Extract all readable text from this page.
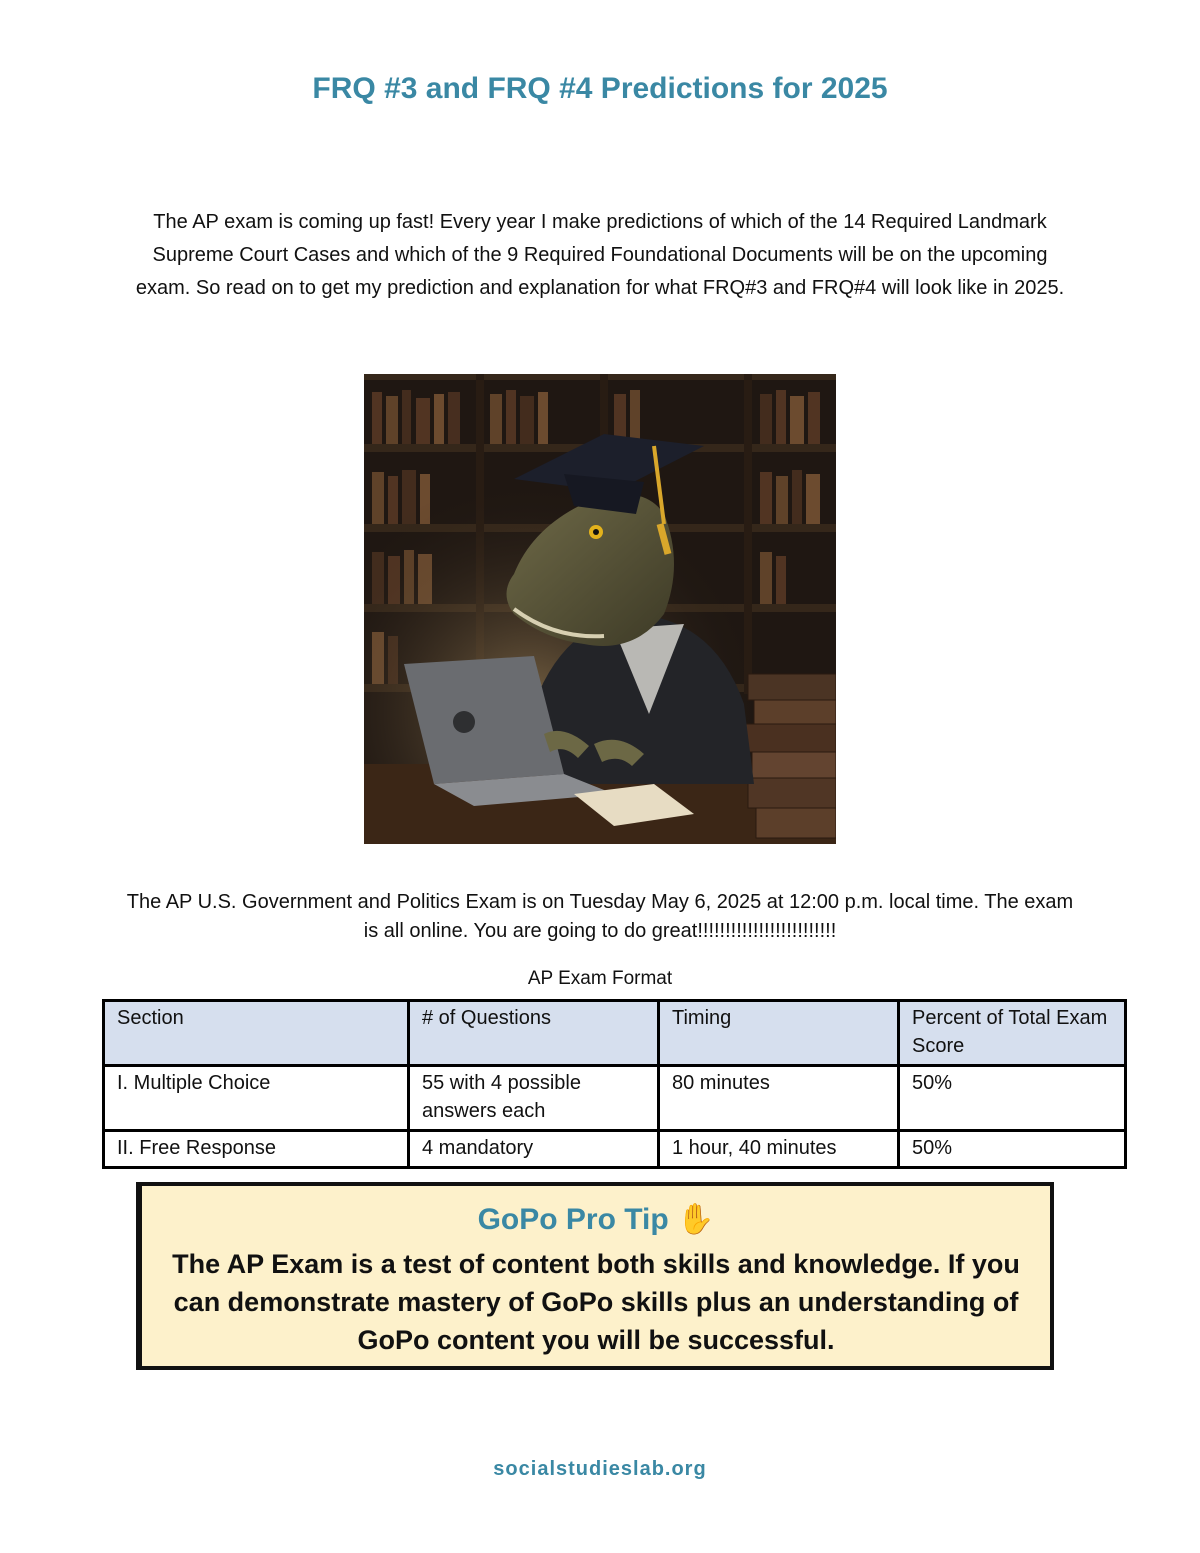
FRQ #3 and FRQ #4 Predictions for 2025
The AP exam is coming up fast! Every year I make predictions of which of the 14 Required Landmark Supreme Court Cases and which of the 9 Required Foundational Documents will be on the upcoming exam. So read on to get my prediction and explanation for what FRQ#3 and FRQ#4 will look like in 2025.
The AP U.S. Government and Politics Exam is on Tuesday May 6, 2025 at 12:00 p.m. local time. The exam is all online. You are going to do great!!!!!!!!!!!!!!!!!!!!!!!!!
AP Exam Format
Section	# of Questions	Timing	Percent of Total Exam Score
I. Multiple Choice	55 with 4 possible answers each	80 minutes	50%
II. Free Response	4 mandatory	1 hour, 40 minutes	50%
GoPo Pro Tip ✋
The AP Exam is a test of content both skills and knowledge. If you can demonstrate mastery of GoPo skills plus an understanding of GoPo content you will be successful.
socialstudieslab.org
